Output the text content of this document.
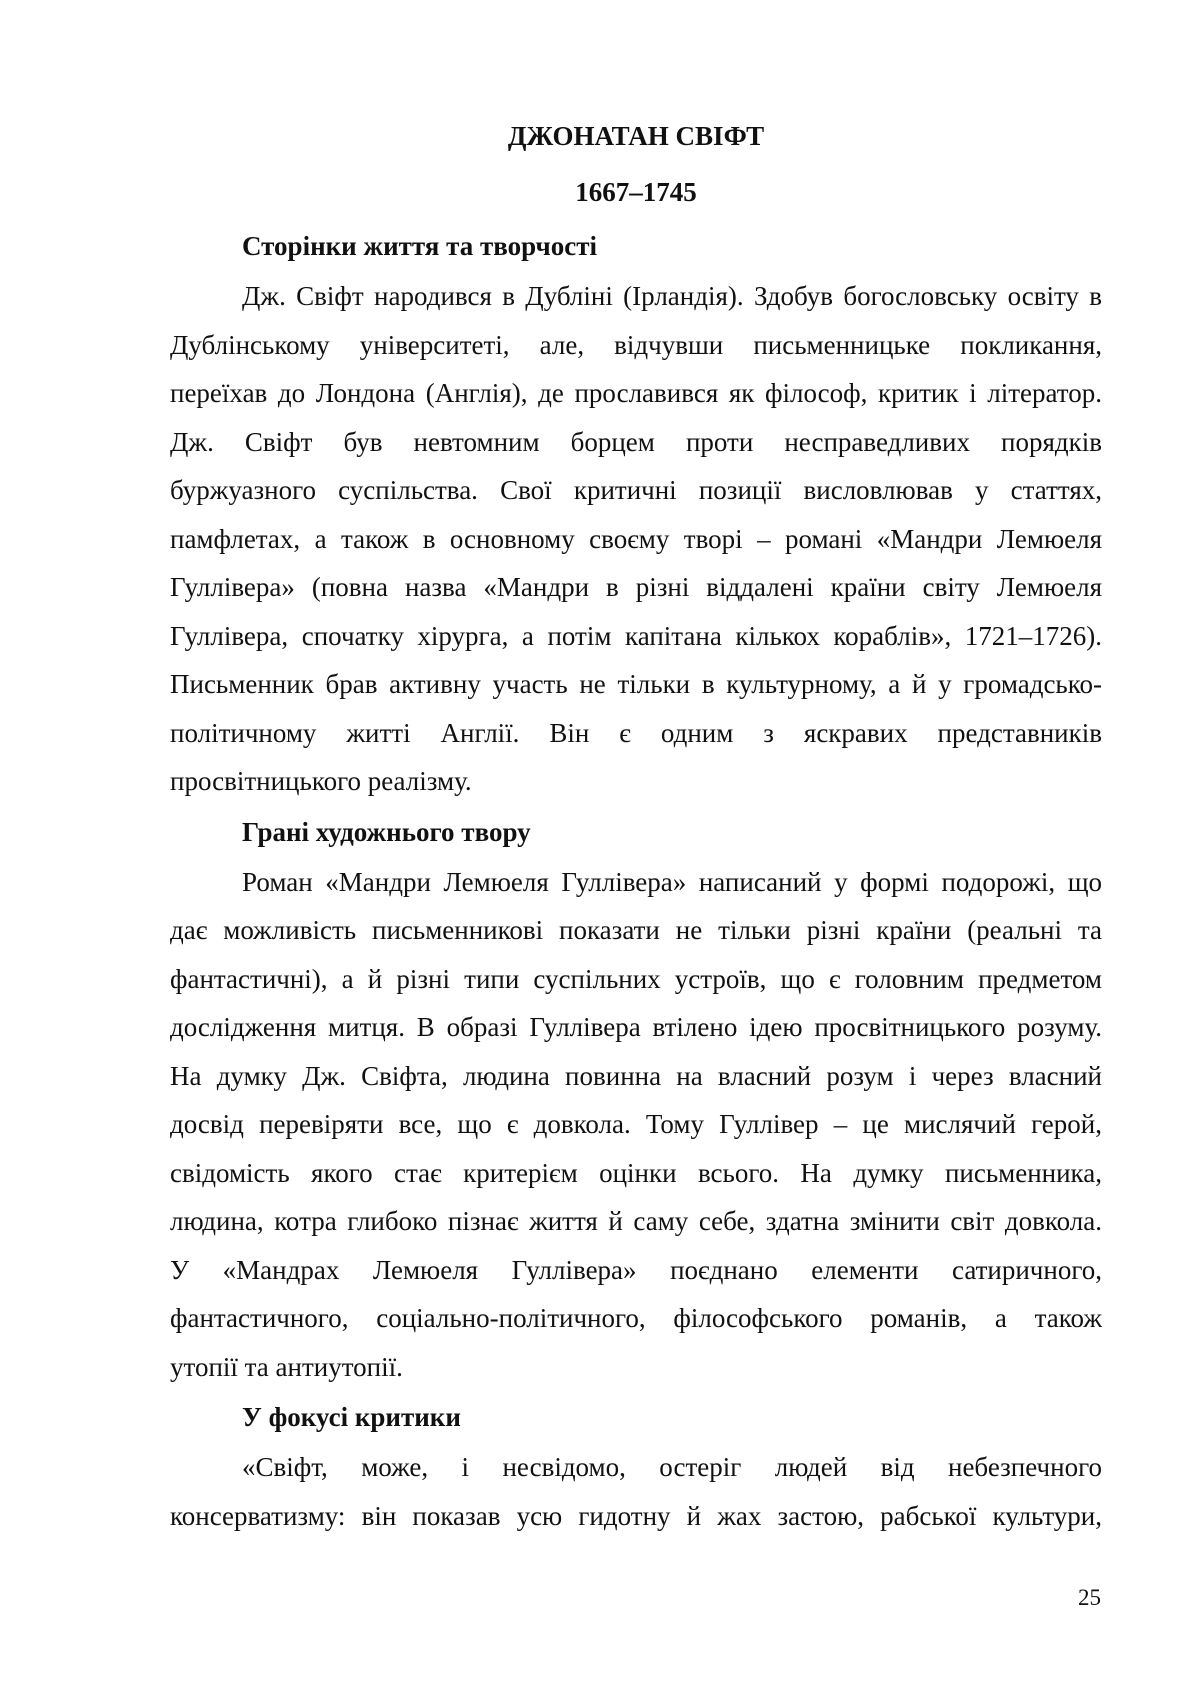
ДЖОНАТАН СВІФТ
1667–1745
Сторінки життя та творчості
Дж. Свіфт народився в Дубліні (Ірландія). Здобув богословську освіту в
Дублінському університеті, але, відчувши письменницьке покликання,
переїхав до Лондона (Англія), де прославився як філософ, критик і літератор.
Дж. Свіфт був невтомним борцем проти несправедливих порядків
буржуазного суспільства. Свої критичні позиції висловлював у статтях,
памфлетах, а також в основному своєму творі – романі «Мандри Лемюеля
Гуллівера» (повна назва «Мандри в різні віддалені країни світу Лемюеля
Гуллівера, спочатку хірурга, а потім капітана кількох кораблів», 1721–1726).
Письменник брав активну участь не тільки в культурному, а й у громадсько-
політичному житті Англії. Він є одним з яскравих представників
просвітницького реалізму.
Грані художнього твору
Роман «Мандри Лемюеля Гуллівера» написаний у формі подорожі, що
дає можливість письменникові показати не тільки різні країни (реальні та
фантастичні), а й різні типи суспільних устроїв, що є головним предметом
дослідження митця. В образі Гуллівера втілено ідею просвітницького розуму.
На думку Дж. Свіфта, людина повинна на власний розум і через власний
досвід перевіряти все, що є довкола. Тому Гуллівер – це мислячий герой,
свідомість якого стає критерієм оцінки всього. На думку письменника,
людина, котра глибоко пізнає життя й саму себе, здатна змінити світ довкола.
У «Мандрах Лемюеля Гуллівера» поєднано елементи сатиричного,
фантастичного, соціально-політичного, філософського романів, а також
утопії та антиутопії.
У фокусі критики
«Свіфт, може, і несвідомо, остеріг людей від небезпечного
консерватизму: він показав усю гидотну й жах застою, рабської культури,
25
